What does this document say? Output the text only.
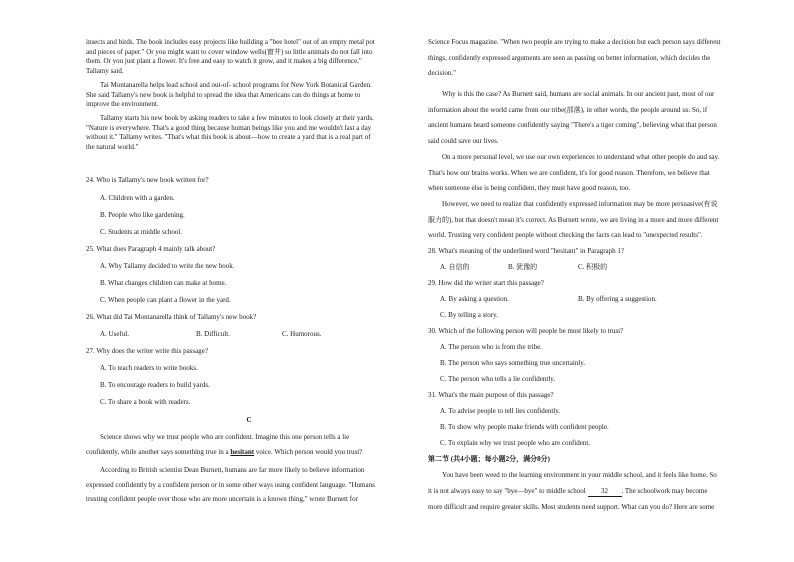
insects and birds. The book includes easy projects like building a "bee hotel" out of an empty metal pot
and pieces of paper." Or you might want to cover window wells(窗井) so little animals do not fall into
them. Or you just plant a flower. It's free and easy to watch it grow, and it makes a big difference,"
Tallamy said.
Tai Montanarella helps lead school and out-of- school programs for New York Botanical Garden.
She said Tallamy's new book is helpful to spread the idea that Americans can do things at home to
improve the environment.
Tallamy starts his new book by asking readers to take a few minutes to look closely at their yards.
"Nature is everywhere. That's a good thing because human beings like you and me wouldn't last a day
without it." Tallamy writes. "That's what this book is about—how to create a yard that is a real part of
the natural world."
24. Who is Tallamy's new book written for?
A. Children with a garden.
B. People who like gardening.
C. Students at middle school.
25. What does Paragraph 4 mainly talk about?
A. Why Tallamy decided to write the new book.
B. What changes children can make at home.
C. When people can plant a flower in the yard.
26. What did Tai Montanarella think of Tallamy's new book?
A. Useful.	B. Difficult.	C. Humorous.
27. Why does the writer write this passage?
A. To teach readers to write books.
B. To encourage readers to build yards.
C. To share a book with readers.
C
Science shows why we trust people who are confident. Imagine this one person tells a lie
confidently, while another says something true in a hesitant voice. Which person would you trust?
According to British scientist Dean Burnett, humans are far more likely to believe information
expressed confidently by a confident person or in some other ways using confident language. "Humans
trusting confident people over those who are more uncertain is a known thing," wrote Burnett for
Science Focus magazine. "When two people are trying to make a decision but each person says different
things, confidently expressed arguments are seen as passing on better information, which decides the
decision."
Why is this the case? As Burnett said, humans are social animals. In our ancient past, most of our
information about the world came from our tribe(部落), in other words, the people around us. So, if
ancient humans heard someone confidently saying "There's a tiger coming", believing what that person
said could save our lives.
On a more personal level, we use our own experiences to understand what other people do and say.
That's how our brains works. When we are confident, it's for good reason. Therefore, we believe that
when someone else is being confident, they must have good reason, too.
However, we need to realize that confidently expressed information may be more persuasive(有说
服力的), but that doesn't mean it's correct. As Burnett wrote, we are living in a more and more different
world. Trusting very confident people without checking the facts can lead to "unexpected results".
28. What's meaning of the underlined word "hesitant" in Paragraph 1?
A. 自信的	B. 犹豫的	C. 积极的
29. How did the writer start this passage?
A. By asking a question.	B. By offering a suggestion.
C. By telling a story.
30. Which of the following person will people be most likely to trust?
A. The person who is from the tribe.
B. The person who says something true uncertainly.
C. The person who tells a lie confidently.
31. What's the main purpose of this passage?
A. To advise people to tell lies confidently.
B. To show why people make friends with confident people.
C. To explain why we trust people who are confident.
第二节 (共4小题；每小题2分，满分8分)
You have been weed to the learning environment in your middle school, and it feels like home. So
it is not always easy to say "bye—bye" to middle school 32 . The schoolwork may become
more difficult and require greater skills. Most students need support. What can you do? Here are some
